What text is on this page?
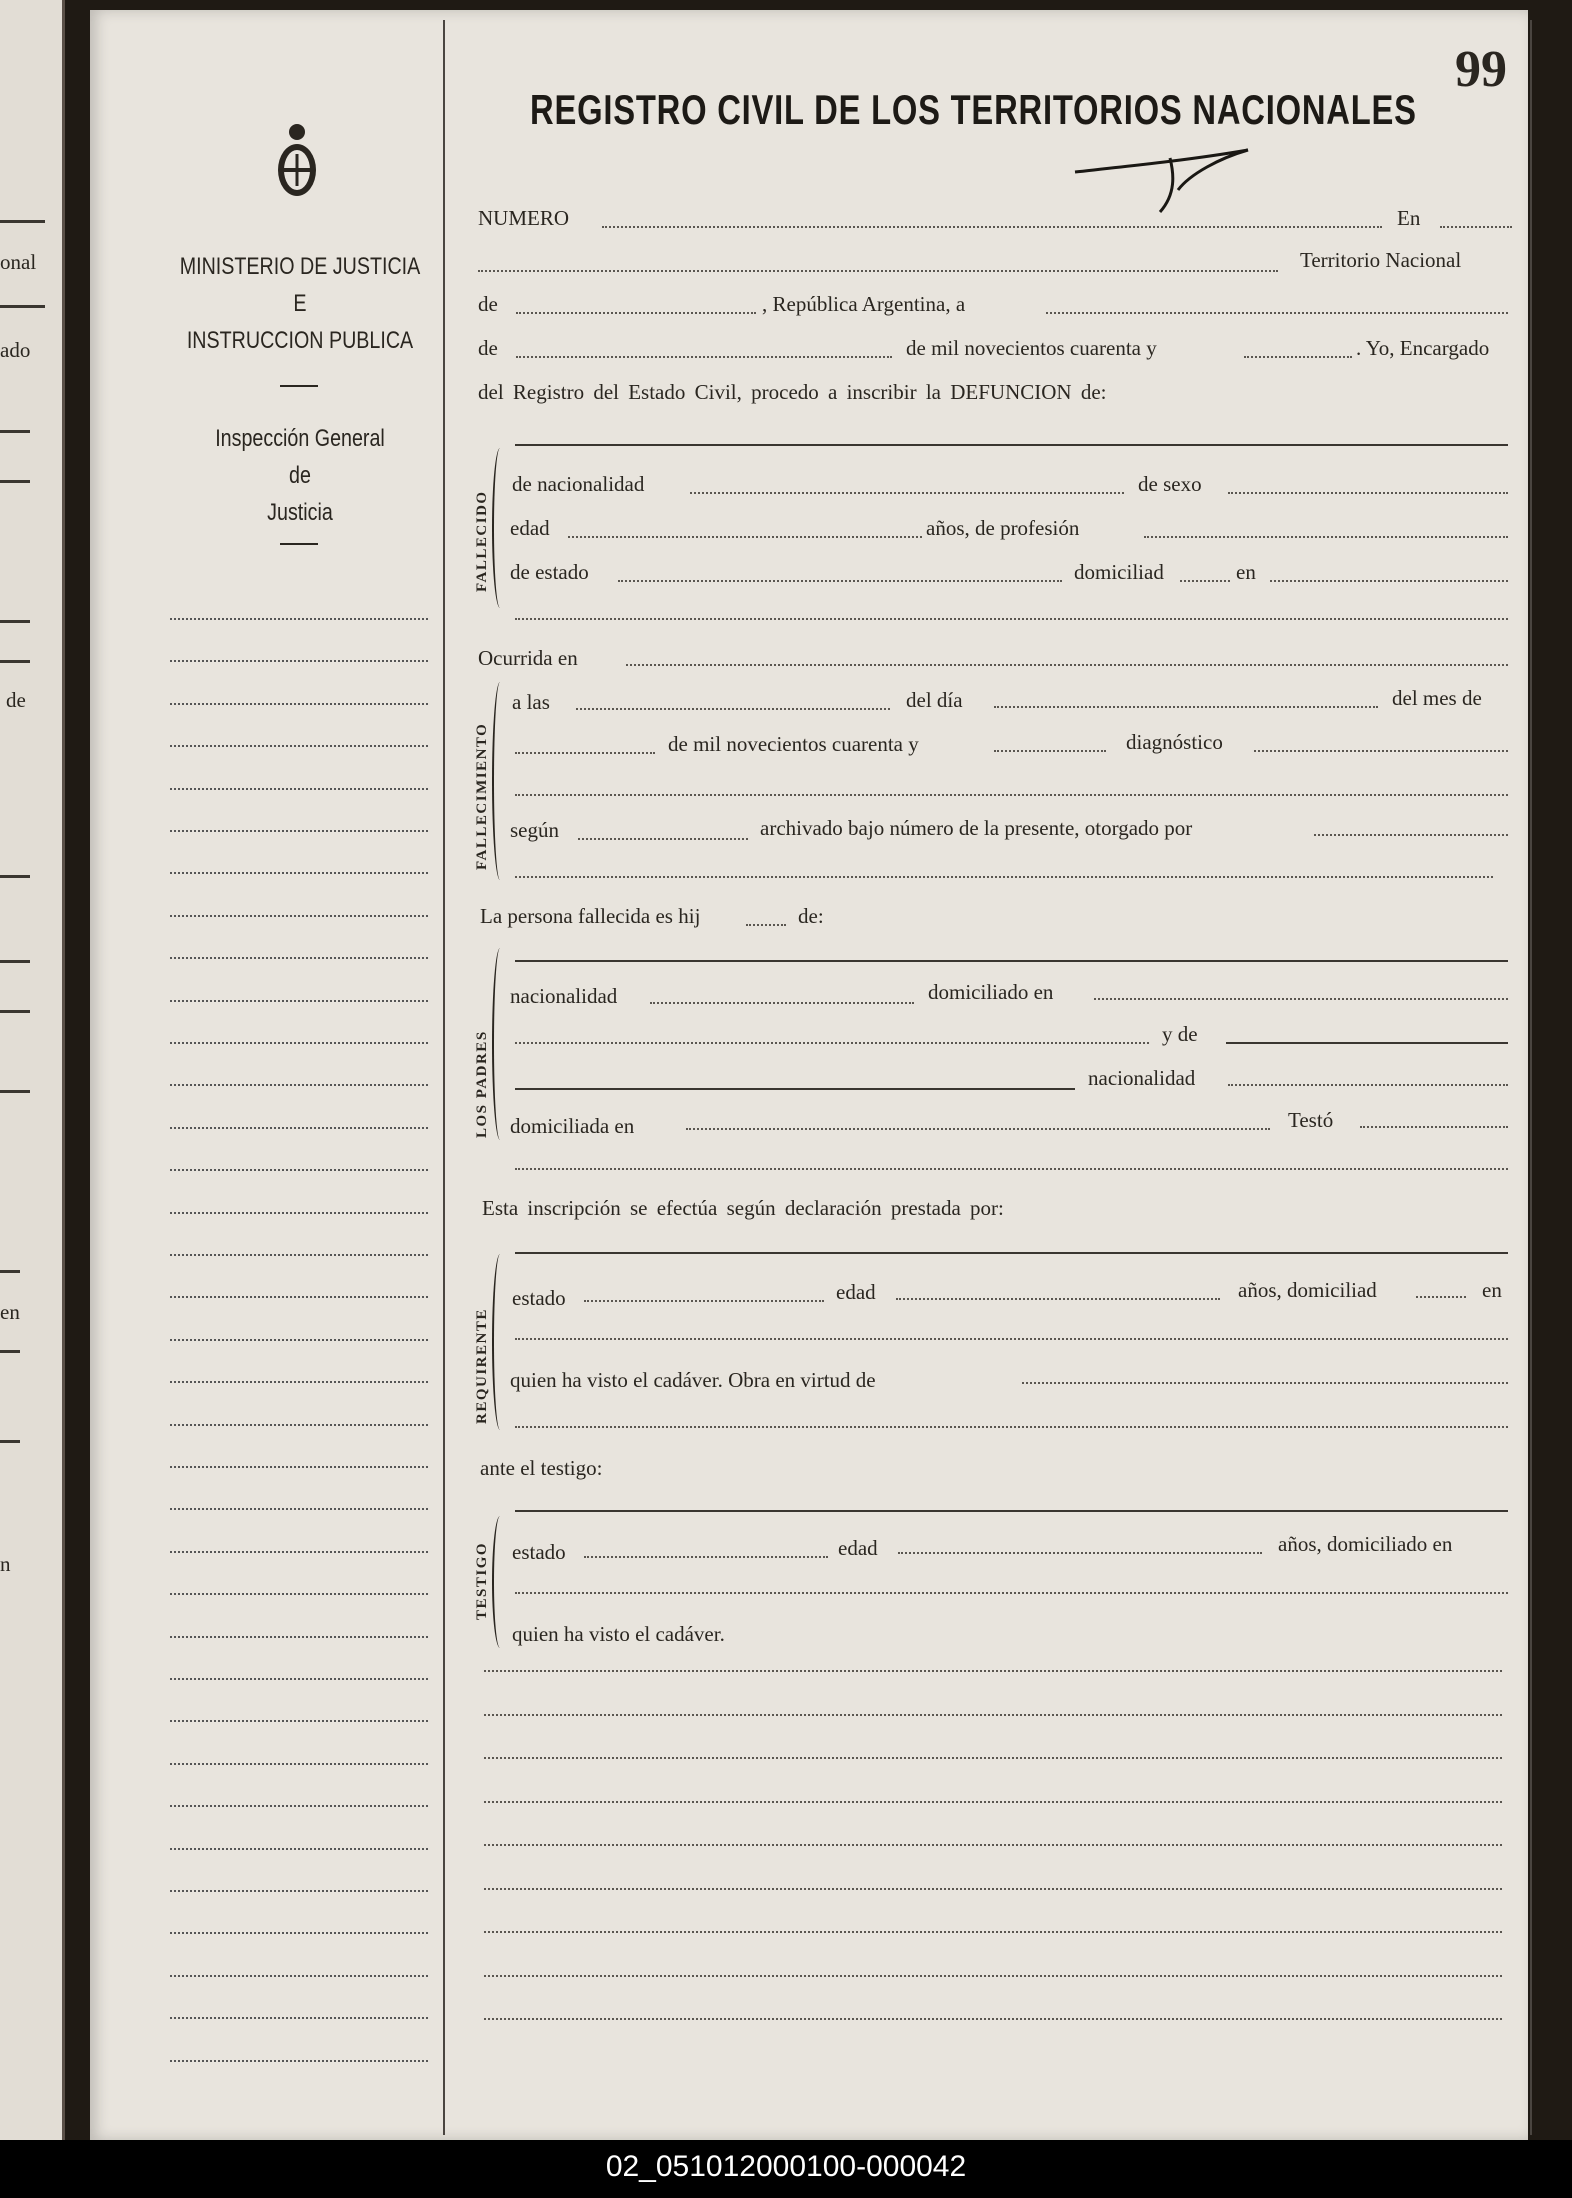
onal
ado
de
en
n
99
REGISTRO CIVIL DE LOS TERRITORIOS NACIONALES
MINISTERIO DE JUSTICIA
E
INSTRUCCION PUBLICA
Inspección General
de
Justicia
NUMERO	En
Territorio Nacional
de	, República Argentina, a
de	de mil novecientos cuarenta y	. Yo, Encargado
del Registro del Estado Civil, procedo a inscribir la DEFUNCION de:
FALLECIDO
de nacionalidad	de sexo
edad	años, de profesión
de estado	domiciliad	en
Ocurrida en
FALLECIMIENTO
a las	del día	del mes de
de mil novecientos cuarenta y	diagnóstico
según	archivado bajo número de la presente, otorgado por
La persona fallecida es hij	de:
LOS PADRES
nacionalidad	domiciliado en
y de
nacionalidad
domiciliada en	Testó
Esta inscripción se efectúa según declaración prestada por:
REQUIRENTE
estado	edad	años, domiciliad	en
quien ha visto el cadáver. Obra en virtud de
ante el testigo:
TESTIGO estado	edad	años, domiciliado en
quien ha visto el cadáver.
02_051012000100-000042
